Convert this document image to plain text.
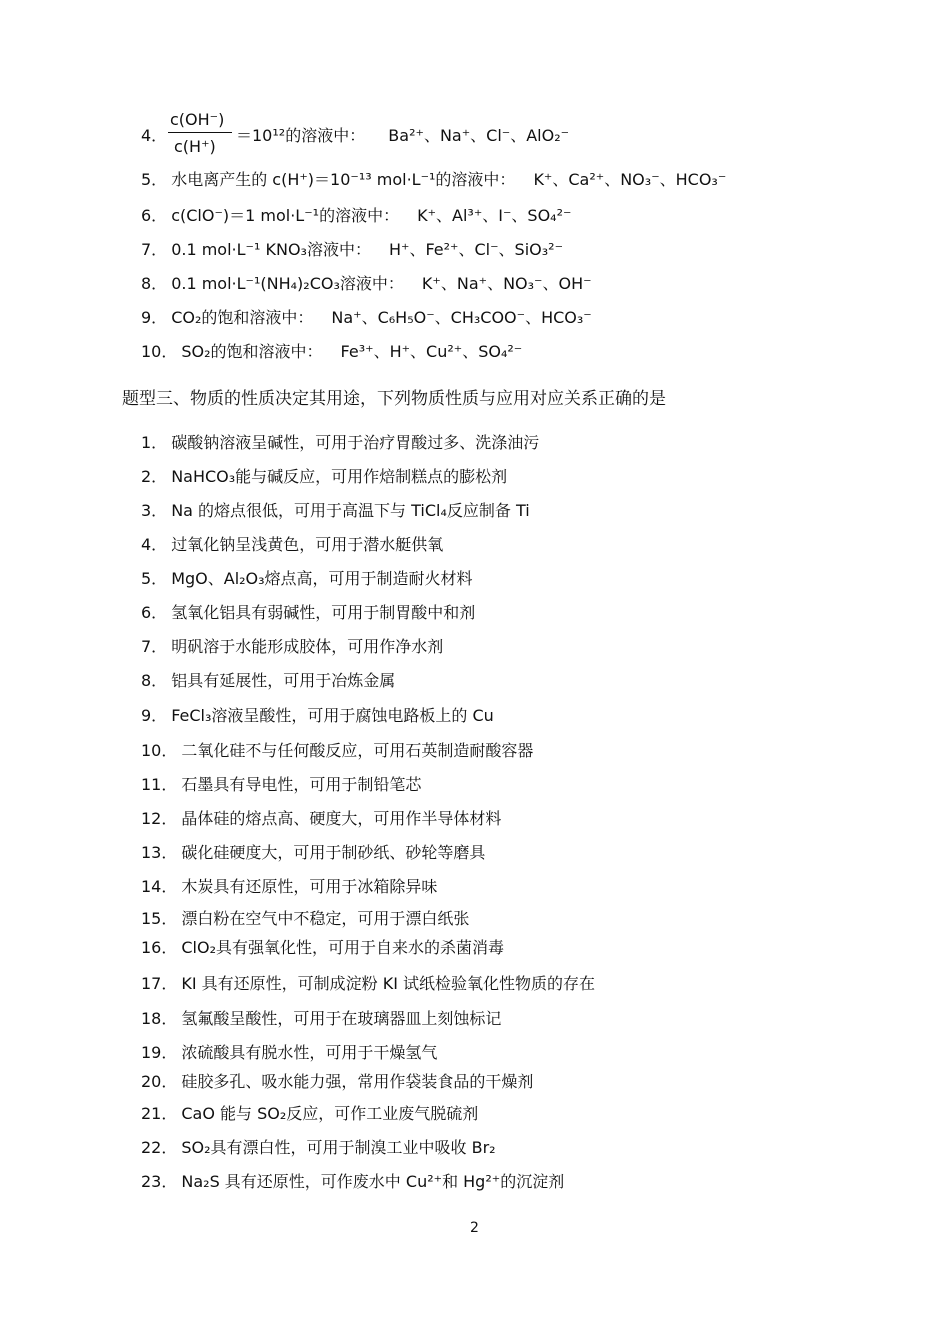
4．
c(OH⁻)
c(H⁺)
＝10¹²的溶液中： Ba²⁺、Na⁺、Cl⁻、AlO₂⁻
5． 水电离产生的 c(H⁺)＝10⁻¹³ mol·L⁻¹的溶液中： K⁺、Ca²⁺、NO₃⁻、HCO₃⁻
6． c(ClO⁻)＝1 mol·L⁻¹的溶液中： K⁺、Al³⁺、I⁻、SO₄²⁻
7． 0.1 mol·L⁻¹ KNO₃溶液中： H⁺、Fe²⁺、Cl⁻、SiO₃²⁻
8． 0.1 mol·L⁻¹(NH₄)₂CO₃溶液中： K⁺、Na⁺、NO₃⁻、OH⁻
9． CO₂的饱和溶液中： Na⁺、C₆H₅O⁻、CH₃COO⁻、HCO₃⁻
10． SO₂的饱和溶液中： Fe³⁺、H⁺、Cu²⁺、SO₄²⁻
题型三、物质的性质决定其用途，下列物质性质与应用对应关系正确的是
1． 碳酸钠溶液呈碱性，可用于治疗胃酸过多、洗涤油污
2． NaHCO₃能与碱反应，可用作焙制糕点的膨松剂
3． Na 的熔点很低，可用于高温下与 TiCl₄反应制备 Ti
4． 过氧化钠呈浅黄色，可用于潜水艇供氧
5． MgO、Al₂O₃熔点高，可用于制造耐火材料
6． 氢氧化铝具有弱碱性，可用于制胃酸中和剂
7． 明矾溶于水能形成胶体，可用作净水剂
8． 铝具有延展性，可用于冶炼金属
9． FeCl₃溶液呈酸性，可用于腐蚀电路板上的 Cu
10． 二氧化硅不与任何酸反应，可用石英制造耐酸容器
11． 石墨具有导电性，可用于制铅笔芯
12． 晶体硅的熔点高、硬度大，可用作半导体材料
13． 碳化硅硬度大，可用于制砂纸、砂轮等磨具
14． 木炭具有还原性，可用于冰箱除异味
15． 漂白粉在空气中不稳定，可用于漂白纸张
16． ClO₂具有强氧化性，可用于自来水的杀菌消毒
17． KI 具有还原性，可制成淀粉 KI 试纸检验氧化性物质的存在
18． 氢氟酸呈酸性，可用于在玻璃器皿上刻蚀标记
19． 浓硫酸具有脱水性，可用于干燥氢气
20． 硅胶多孔、吸水能力强，常用作袋装食品的干燥剂
21． CaO 能与 SO₂反应，可作工业废气脱硫剂
22． SO₂具有漂白性，可用于制溴工业中吸收 Br₂
23． Na₂S 具有还原性，可作废水中 Cu²⁺和 Hg²⁺的沉淀剂
2
